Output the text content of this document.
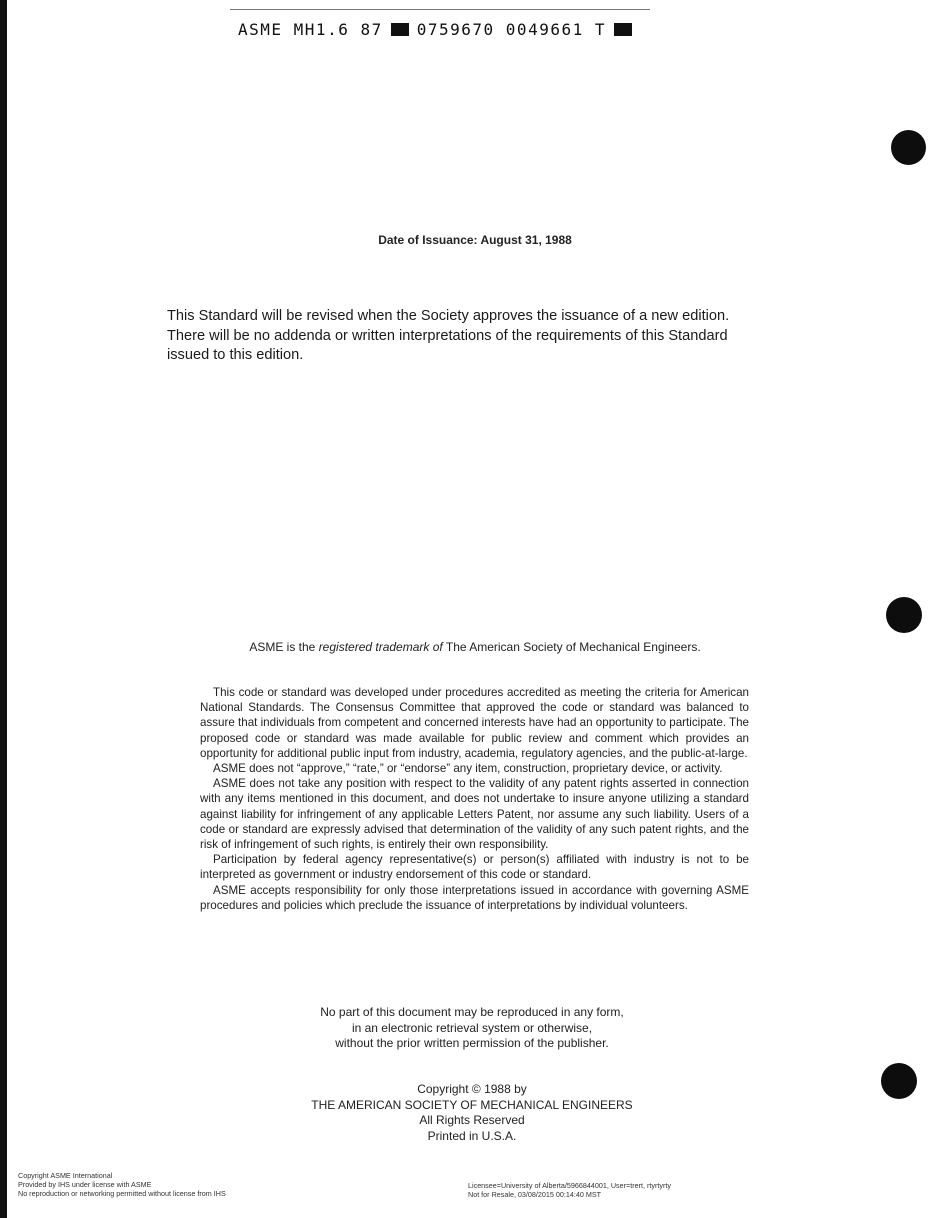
ASME MH1.6 87 0759670 0049661 T
Date of Issuance: August 31, 1988
This Standard will be revised when the Society approves the issuance of a new edition.
There will be no addenda or written interpretations of the requirements of this Standard
issued to this edition.
ASME is the registered trademark of The American Society of Mechanical Engineers.

This code or standard was developed under procedures accredited as meeting the criteria for American National Standards. The Consensus Committee that approved the code or standard was balanced to assure that individuals from competent and concerned interests have had an opportunity to participate. The proposed code or standard was made available for public review and comment which provides an opportunity for additional public input from industry, academia, regulatory agencies, and the public-at-large.

ASME does not “approve,” “rate,” or “endorse” any item, construction, proprietary device, or activity.

ASME does not take any position with respect to the validity of any patent rights asserted in connection with any items mentioned in this document, and does not undertake to insure anyone utilizing a standard against liability for infringement of any applicable Letters Patent, nor assume any such liability. Users of a code or standard are expressly advised that determination of the validity of any such patent rights, and the risk of infringement of such rights, is entirely their own responsibility.

Participation by federal agency representative(s) or person(s) affiliated with industry is not to be interpreted as government or industry endorsement of this code or standard.

ASME accepts responsibility for only those interpretations issued in accordance with governing ASME procedures and policies which preclude the issuance of interpretations by individual volunteers.

No part of this document may be reproduced in any form,
in an electronic retrieval system or otherwise,
without the prior written permission of the publisher.
Copyright © 1988 by
THE AMERICAN SOCIETY OF MECHANICAL ENGINEERS
All Rights Reserved
Printed in U.S.A.
Copyright ASME International
Provided by IHS under license with ASME
No reproduction or networking permitted without license from IHS
Licensee=University of Alberta/5966844001, User=trert, rtyrtyrty
Not for Resale, 03/08/2015 00:14:40 MST
